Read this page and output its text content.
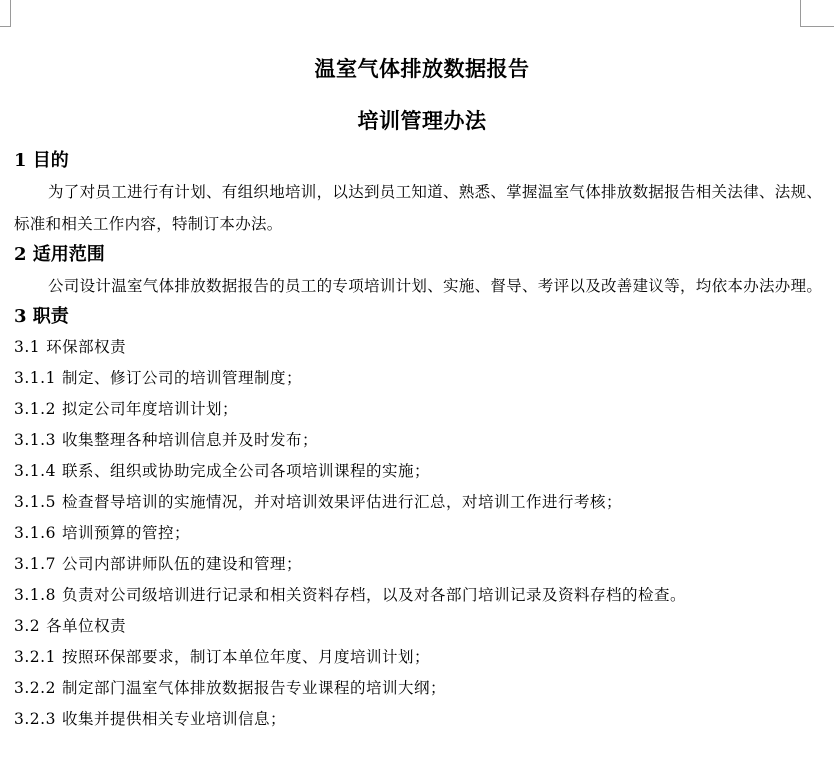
温室气体排放数据报告

培训管理办法

1 目的

为了对员工进行有计划、有组织地培训，以达到员工知道、熟悉、掌握温室气体排放数据报告相关法律、法规、标准和相关工作内容，特制订本办法。

2 适用范围

公司设计温室气体排放数据报告的员工的专项培训计划、实施、督导、考评以及改善建议等，均依本办法办理。

3 职责

3.1 环保部权责

3.1.1 制定、修订公司的培训管理制度；

3.1.2 拟定公司年度培训计划；

3.1.3 收集整理各种培训信息并及时发布；

3.1.4 联系、组织或协助完成全公司各项培训课程的实施；

3.1.5 检查督导培训的实施情况，并对培训效果评估进行汇总，对培训工作进行考核；

3.1.6 培训预算的管控；

3.1.7 公司内部讲师队伍的建设和管理；

3.1.8 负责对公司级培训进行记录和相关资料存档，以及对各部门培训记录及资料存档的检查。

3.2 各单位权责

3.2.1 按照环保部要求，制订本单位年度、月度培训计划；

3.2.2 制定部门温室气体排放数据报告专业课程的培训大纲；

3.2.3 收集并提供相关专业培训信息；
